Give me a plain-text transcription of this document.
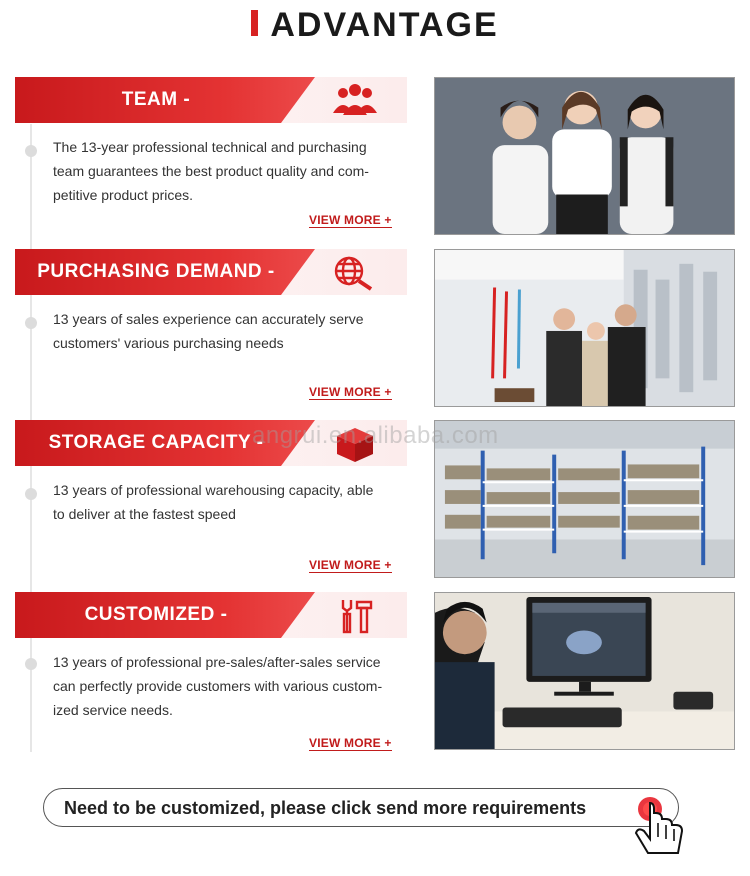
ADVANTAGE
TEAM -
The 13-year professional technical and purchasing
team guarantees the best product quality and com-
petitive product prices.
VIEW MORE +
PURCHASING DEMAND -
13 years of sales experience can accurately serve
customers' various purchasing needs
VIEW MORE +
STORAGE CAPACITY -
13 years of professional warehousing capacity, able
to deliver at the fastest speed
VIEW MORE +
CUSTOMIZED -
13 years of professional pre-sales/after-sales service
can perfectly provide customers with various custom-
ized service needs.
VIEW MORE +
angrui.en.alibaba.com
Need to be customized, please click send more requirements
